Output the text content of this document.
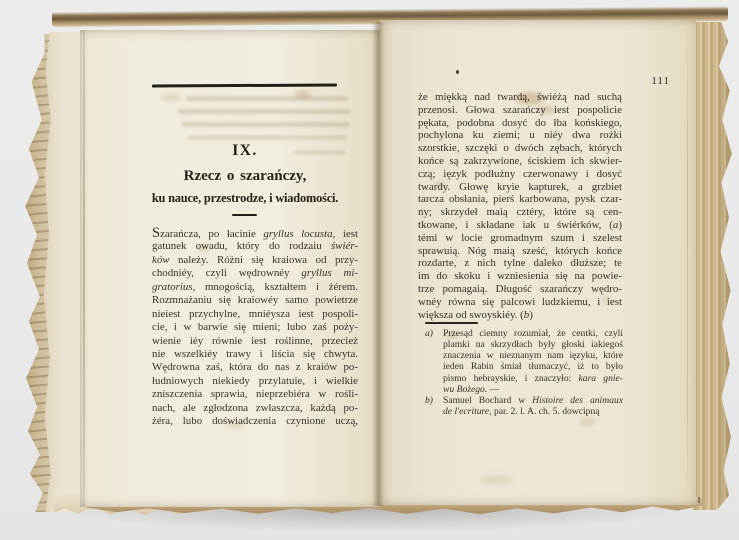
IX.
Rzecz o szarańczy,
ku nauce, przestrodze, i wiadomości.
Szarańcza, po łacinie gryllus locusta, iest
gatunek owadu, który do rodzaiu świér-
ków należy. Różni się kraiowa od przy-
chodniéy, czyli wędrownéy gryllus mi-
gratorius, mnogością, kształtem i żérem.
Rozmnażaniu się kraiowéy samo powietrze
nieiest przychylne, mniéysza iest pospoli-
cie, i w barwie się mieni; lubo zaś poży-
wienie iéy równie iest roślinne, przecież
nie wszelkiéy trawy i liścia się chwyta.
Wędrowna zaś, która do nas z kraiów po-
łudniowych niekiedy przylatuie, i wielkie
zniszczenia sprawia, nieprzebiéra w rośli-
nach, ale zgłodzona zwłaszcza, każdą po-
żéra, lubo doświadczenia czynione uczą,
111
że miękką nad twardą, świéżą nad suchą
przenosi. Głowa szarańczy iest pospolicie
pękata, podobna dosyć do łba końskiego,
pochylona ku ziemi; u niéy dwa rożki
szorstkie, szczęki o dwóch zębach, których
końce są zakrzywione, ściskiem ich skwier-
czą; ięzyk podłużny czerwonawy i dosyć
twardy. Głowę kryie kapturek, a grzbiet
tarcza obsłania, pierś karbowana, pysk czar-
ny; skrzydeł maią cztéry, które są cen-
tkowane, i składane iak u świérków, (a)
témi w locie gromadnym szum i szelest
sprawuią. Nóg maią sześć, których końce
rozdarte, z nich tylne daleko dłuższe; te
im do skoku i wzniesienia się na powie-
trze pomagaią. Długość szarańczy wędro-
wnéy równa się palcowi ludzkiemu, i iest
większa od swoyskiéy. (b)
a) Przesąd ciemny rozumiał, że centki, czyli
plamki na skrzydłach były głoski iakiegoś
znaczenia w nieznanym nam ięzyku, które
ieden Rabin śmiał tłumaczyć, iż to było
pismo hebrayskie, i znaczyło: kara gnie-
wu Bożego. —
b) Samuel Bochard w Histoire des animaux
de l'ecriture, par. 2. l. A. ch. 5. dowcipną
